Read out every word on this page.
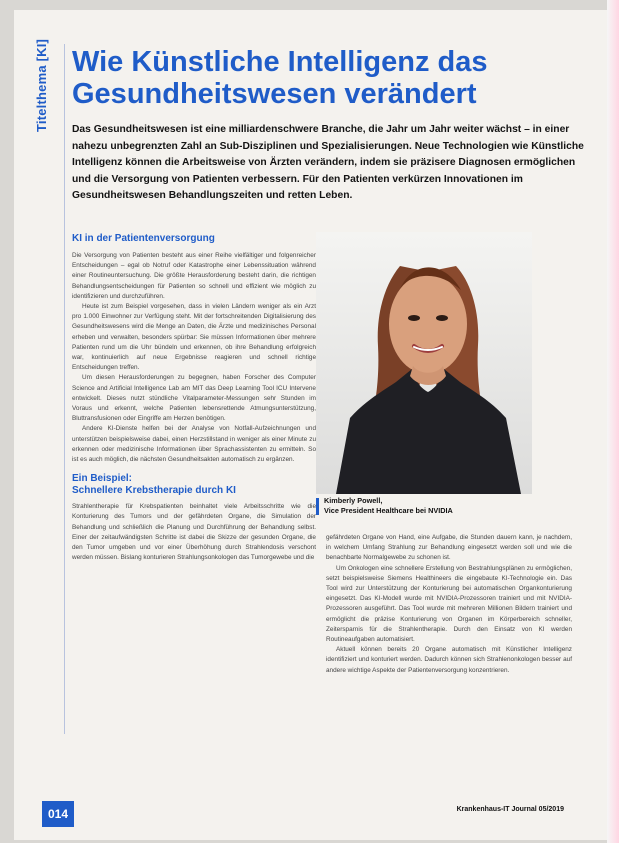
Titelthema [KI] Wie Künstliche Intelligenz das Gesundheitswesen verändert

Das Gesundheitswesen ist eine milliardenschwere Branche, die Jahr um Jahr weiter wächst – in einer nahezu unbegrenzten Zahl an Sub-Disziplinen und Spezialisierungen. Neue Technologien wie Künstliche Intelligenz können die Arbeitsweise von Ärzten verändern, indem sie präzisere Diagnosen ermöglichen und die Versorgung von Patienten verbessern. Für den Patienten verkürzen Innovationen im Gesundheitswesen Behandlungszeiten und retten Leben.

KI in der Patientenversorgung

Die Versorgung von Patienten besteht aus einer Reihe vielfältiger und folgenreicher Entscheidungen – egal ob Notruf oder Katastrophe einer Lebenssituation während einer Routineuntersuchung. Die größte Herausforderung besteht darin, die richtigen Behandlungsentscheidungen für Patienten so schnell und effizient wie möglich zu identifizieren und durchzuführen.

Heute ist zum Beispiel vorgesehen, dass in vielen Ländern weniger als ein Arzt pro 1.000 Einwohner zur Verfügung steht. Mit der fortschreitenden Digitalisierung des Gesundheitswesens wird die Menge an Daten, die Ärzte und medizinisches Personal erheben und verwalten, besonders spürbar: Sie müssen Informationen über mehrere Patienten rund um die Uhr bündeln und erkennen, ob ihre Behandlung erfolgreich war, kontinuierlich auf neue Ergebnisse reagieren und schnell richtige Entscheidungen treffen.

Um diesen Herausforderungen zu begegnen, haben Forscher des Computer Science and Artificial Intelligence Lab am MIT das Deep Learning Tool ICU Intervene entwickelt. Dieses nutzt stündliche Vitalparameter-Messungen sehr Stunden im Voraus und erkennt, welche Patienten lebensrettende Atmungsunterstützung, Bluttransfusionen oder Eingriffe am Herzen benötigen.

Andere KI-Dienste helfen bei der Analyse von Notfall-Aufzeichnungen und unterstützen beispielsweise dabei, einen Herzstillstand in weniger als einer Minute zu erkennen oder medizinische Informationen über Sprachassistenten zu ermitteln. So ist es auch möglich, die nächsten Gesundheitsakten automatisch zu ergänzen.

Ein Beispiel:
Schnellere Krebstherapie durch KI

Strahlentherapie für Krebspatienten beinhaltet viele Arbeitsschritte wie die Konturierung des Tumors und der gefährdeten Organe, die Simulation der Behandlung und schließlich die Planung und Durchführung der Behandlung selbst. Einer der zeitaufwändigsten Schritte ist dabei die Skizze der gesunden Organe, die den Tumor umgeben und vor einer Überhöhung durch Strahlendosis verschont werden müssen. Bislang konturieren Strahlungsonkologen das Tumorgewebe und die

Kimberly Powell,
Vice President Healthcare bei NVIDIA

gefährdeten Organe von Hand, eine Aufgabe, die Stunden dauern kann, je nachdem, in welchem Umfang Strahlung zur Behandlung eingesetzt werden soll und wie die benachbarte Normalgewebe zu schonen ist.

Um Onkologen eine schnellere Erstellung von Bestrahlungsplänen zu ermöglichen, setzt beispielsweise Siemens Healthineers die eingebaute KI-Technologie ein. Das Tool wird zur Unterstützung der Konturierung bei automatischen Organkonturierung eingesetzt. Das KI-Modell wurde mit NVIDIA-Prozessoren trainiert und mit NVIDIA-Prozessoren ausgeführt. Das Tool wurde mit mehreren Millionen Bildern trainiert und ermöglicht die präzise Konturierung von Organen im Körperbereich schneller, Zeitersparnis für die Strahlentherapie. Durch den Einsatz von KI werden Routineaufgaben automatisiert.

Aktuell können bereits 20 Organe automatisch mit Künstlicher Intelligenz identifiziert und konturiert werden. Dadurch können sich Strahlenonkologen besser auf andere wichtige Aspekte der Patientenversorgung konzentrieren.

014	Krankenhaus-IT Journal 05/2019
